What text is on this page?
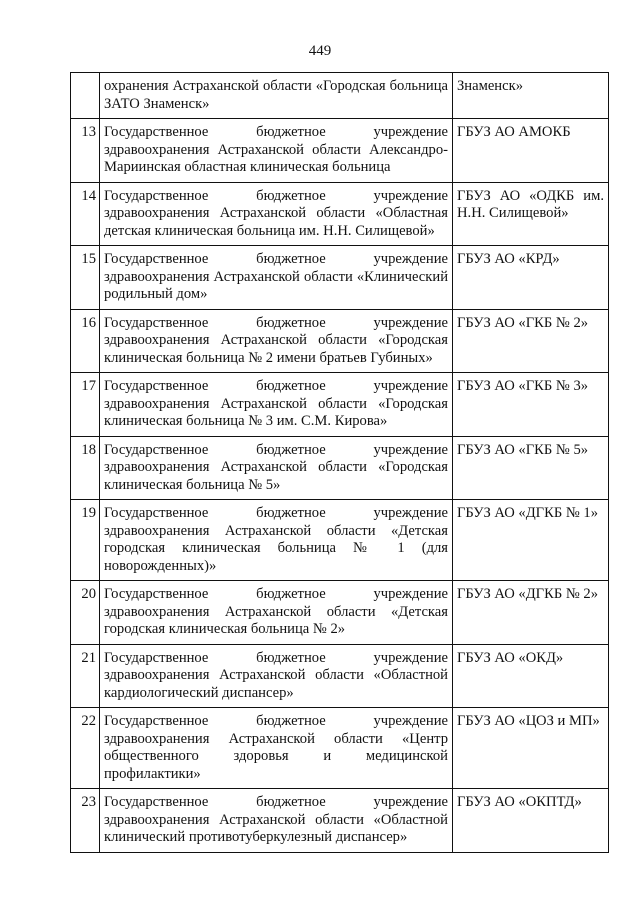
449
	охранения Астраханской области «Городская больница ЗАТО Знаменск»	Знаменск»
13	Государственное бюджетное учреждение здравоохранения Астраханской области Александро-Мариинская областная клиническая больница	ГБУЗ АО АМОКБ
14	Государственное бюджетное учреждение здравоохранения Астраханской области «Областная детская клиническая больница им. Н.Н. Силищевой»	ГБУЗ АО «ОДКБ им. Н.Н. Силищевой»
15	Государственное бюджетное учреждение здравоохранения Астраханской области «Клинический родильный дом»	ГБУЗ АО «КРД»
16	Государственное бюджетное учреждение здравоохранения Астраханской области «Городская клиническая больница № 2 имени братьев Губиных»	ГБУЗ АО «ГКБ № 2»
17	Государственное бюджетное учреждение здравоохранения Астраханской области «Городская клиническая больница № 3 им. С.М. Кирова»	ГБУЗ АО «ГКБ № 3»
18	Государственное бюджетное учреждение здравоохранения Астраханской области «Городская клиническая больница № 5»	ГБУЗ АО «ГКБ № 5»
19	Государственное бюджетное учреждение здравоохранения Астраханской области «Детская городская клиническая больница № 1 (для новорожденных)»	ГБУЗ АО «ДГКБ № 1»
20	Государственное бюджетное учреждение здравоохранения Астраханской области «Детская городская клиническая больница № 2»	ГБУЗ АО «ДГКБ № 2»
21	Государственное бюджетное учреждение здравоохранения Астраханской области «Областной кардиологический диспансер»	ГБУЗ АО «ОКД»
22	Государственное бюджетное учреждение здравоохранения Астраханской области «Центр общественного здоровья и медицинской профилактики»	ГБУЗ АО «ЦОЗ и МП»
23	Государственное бюджетное учреждение здравоохранения Астраханской области «Областной клинический противотуберкулезный диспансер»	ГБУЗ АО «ОКПТД»
